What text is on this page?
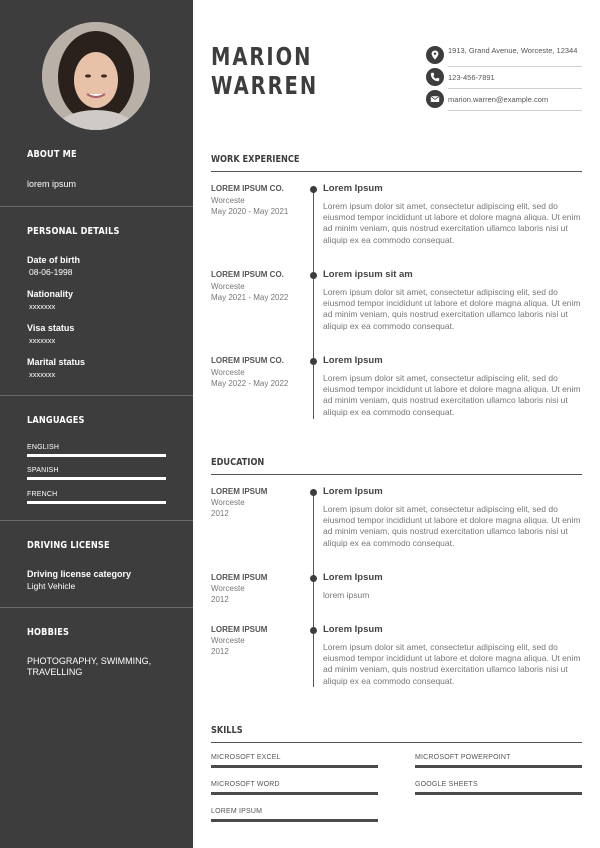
ABOUT ME
lorem ipsum
PERSONAL DETAILS
Date of birth
08-06-1998
Nationality
xxxxxxx
Visa status
xxxxxxx
Marital status
xxxxxxx
LANGUAGES
ENGLISH
SPANISH
FRENCH
DRIVING LICENSE
Driving license category
Light Vehicle
HOBBIES
PHOTOGRAPHY, SWIMMING, TRAVELLING
MARION
WARREN
1913, Grand Avenue, Worceste, 12344
123-456-7891
marion.warren@example.com
WORK EXPERIENCE
LOREM IPSUM CO.
Worceste
May 2020 - May 2021
Lorem Ipsum
Lorem ipsum dolor sit amet, consectetur adipiscing elit, sed do eiusmod tempor incididunt ut labore et dolore magna aliqua. Ut enim ad minim veniam, quis nostrud exercitation ullamco laboris nisi ut aliquip ex ea commodo consequat.
LOREM IPSUM CO.
Worceste
May 2021 - May 2022
Lorem ipsum sit am
Lorem ipsum dolor sit amet, consectetur adipiscing elit, sed do eiusmod tempor incididunt ut labore et dolore magna aliqua. Ut enim ad minim veniam, quis nostrud exercitation ullamco laboris nisi ut aliquip ex ea commodo consequat.
LOREM IPSUM CO.
Worceste
May 2022 - May 2022
Lorem Ipsum
Lorem ipsum dolor sit amet, consectetur adipiscing elit, sed do eiusmod tempor incididunt ut labore et dolore magna aliqua. Ut enim ad minim veniam, quis nostrud exercitation ullamco laboris nisi ut aliquip ex ea commodo consequat.
EDUCATION
LOREM IPSUM
Worceste
2012
Lorem Ipsum
Lorem ipsum dolor sit amet, consectetur adipiscing elit, sed do eiusmod tempor incididunt ut labore et dolore magna aliqua. Ut enim ad minim veniam, quis nostrud exercitation ullamco laboris nisi ut aliquip ex ea commodo consequat.
LOREM IPSUM
Worceste
2012
Lorem Ipsum
lorem ipsum
LOREM IPSUM
Worceste
2012
Lorem Ipsum
Lorem ipsum dolor sit amet, consectetur adipiscing elit, sed do eiusmod tempor incididunt ut labore et dolore magna aliqua. Ut enim ad minim veniam, quis nostrud exercitation ullamco laboris nisi ut aliquip ex ea commodo consequat.
SKILLS
MICROSOFT EXCEL	MICROSOFT POWERPOINT
MICROSOFT WORD	GOOGLE SHEETS
LOREM IPSUM
